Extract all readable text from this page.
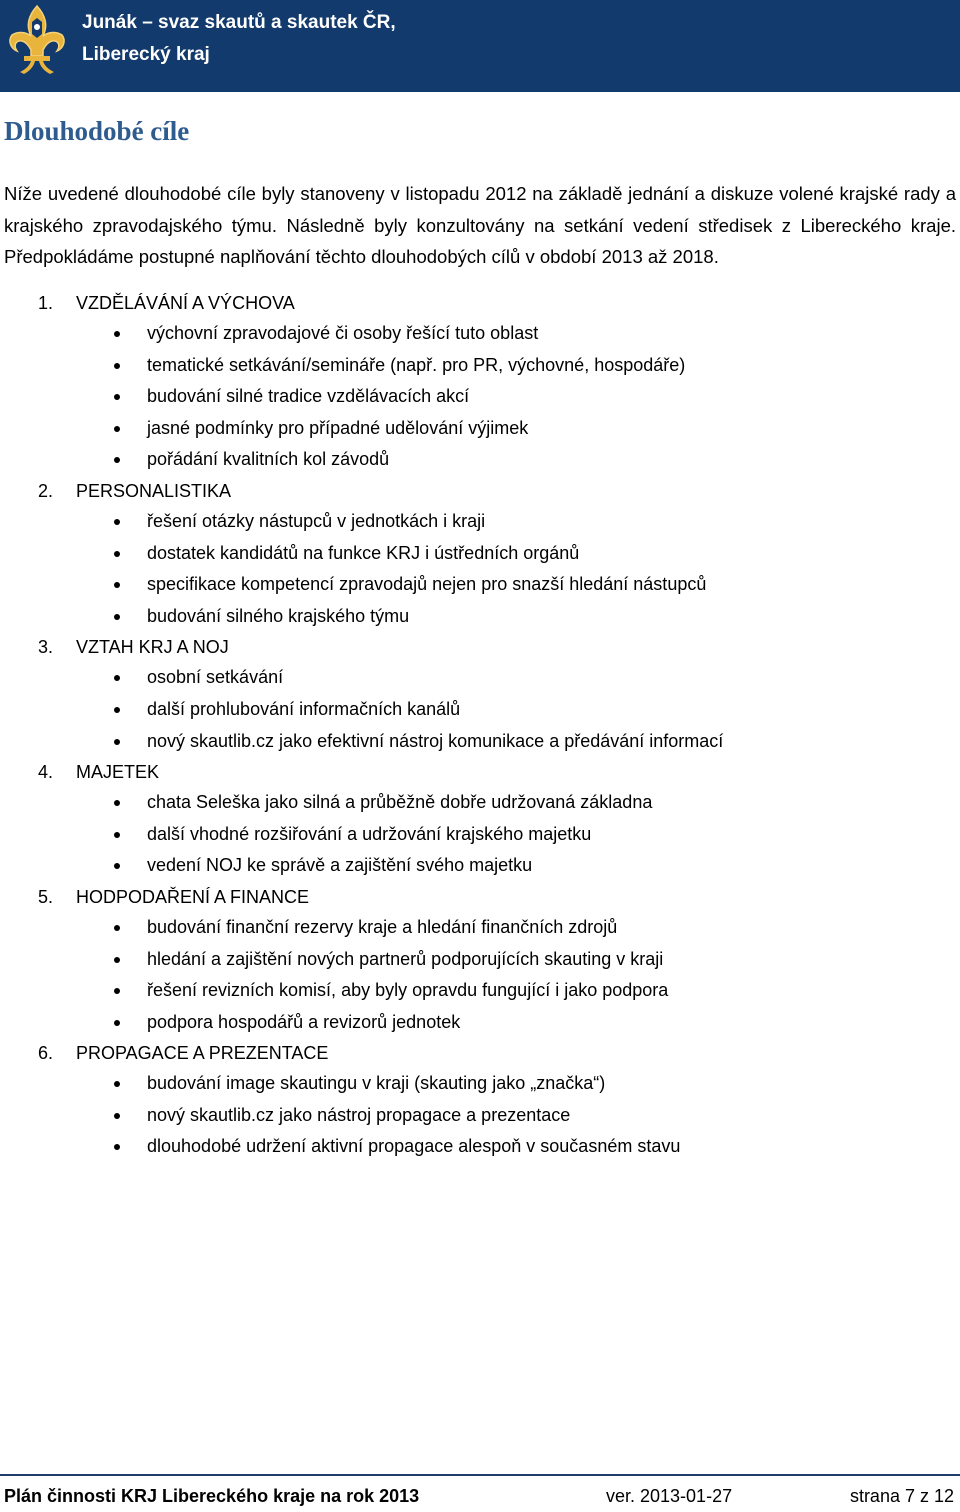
Junák – svaz skautů a skautek ČR,
Liberecký kraj
Dlouhodobé cíle

Níže uvedené dlouhodobé cíle byly stanoveny v listopadu 2012 na základě jednání a diskuze volené krajské rady a krajského zpravodajského týmu. Následně byly konzultovány na setkání vedení středisek z Libereckého kraje. Předpokládáme postupné naplňování těchto dlouhodobých cílů v období 2013 až 2018.

1. VZDĚLÁVÁNÍ A VÝCHOVA
výchovní zpravodajové či osoby řešící tuto oblast
tematické setkávání/semináře (např. pro PR, výchovné, hospodáře)
budování silné tradice vzdělávacích akcí
jasné podmínky pro případné udělování výjimek
pořádání kvalitních kol závodů
2. PERSONALISTIKA
řešení otázky nástupců v jednotkách i kraji
dostatek kandidátů na funkce KRJ i ústředních orgánů
specifikace kompetencí zpravodajů nejen pro snazší hledání nástupců
budování silného krajského týmu
3. VZTAH KRJ A NOJ
osobní setkávání
další prohlubování informačních kanálů
nový skautlib.cz jako efektivní nástroj komunikace a předávání informací
4. MAJETEK
chata Seleška jako silná a průběžně dobře udržovaná základna
další vhodné rozšiřování a udržování krajského majetku
vedení NOJ ke správě a zajištění svého majetku
5. HODPODAŘENÍ A FINANCE
budování finanční rezervy kraje a hledání finančních zdrojů
hledání a zajištění nových partnerů podporujících skauting v kraji
řešení revizních komisí, aby byly opravdu fungující i jako podpora
podpora hospodářů a revizorů jednotek
6. PROPAGACE A PREZENTACE
budování image skautingu v kraji (skauting jako „značka“)
nový skautlib.cz jako nástroj propagace a prezentace
dlouhodobé udržení aktivní propagace alespoň v současném stavu
Plán činnosti KRJ Libereckého kraje na rok 2013	ver. 2013-01-27	strana 7 z 12
